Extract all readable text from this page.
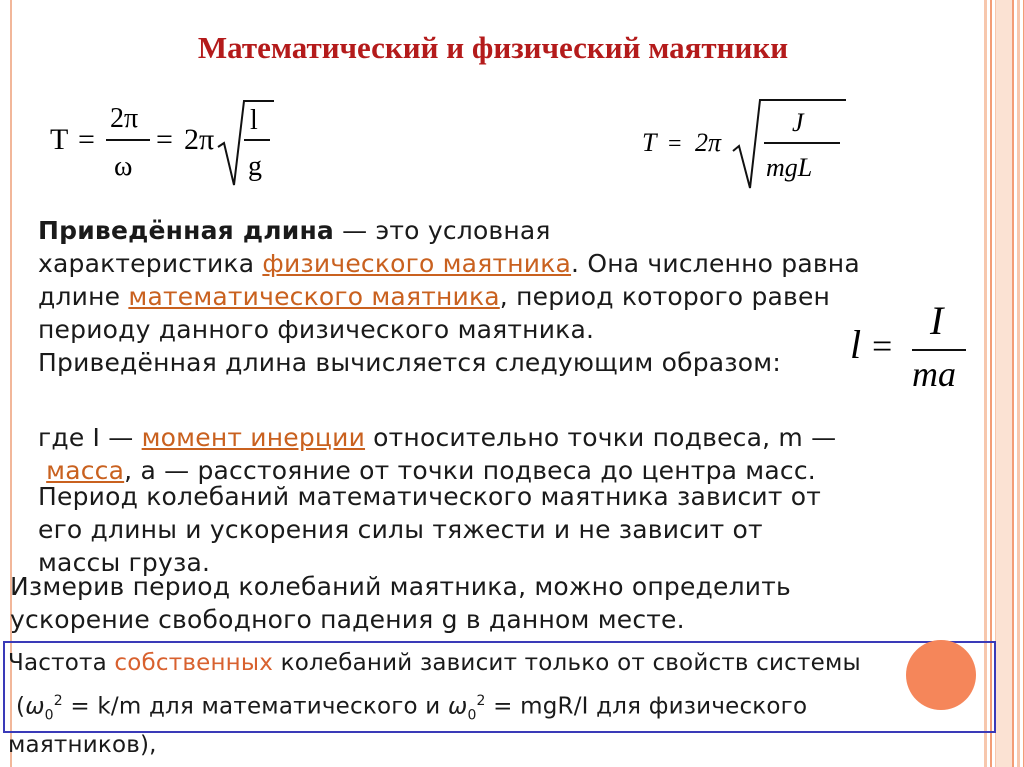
Математический и физический маятники
T =
2π
ω
= 2π
l
g
T = 2π
J
mgL
l =
I
ma
Приведённая длина — это условная
характеристика физического маятника. Она численно равна
длине математического маятника, период которого равен
периоду данного физического маятника.
Приведённая длина вычисляется следующим образом:
где I — момент инерции относительно точки подвеса, m —
масса, a — расстояние от точки подвеса до центра масс.
Период колебаний математического маятника зависит от
его длины и ускорения силы тяжести и не зависит от
массы груза.
Измерив период колебаний маятника, можно определить
ускорение свободного падения g в данном месте.
Частота собственных колебаний зависит только от свойств системы
($\omega_0^2 = k/m$ для математического и $\omega_0^2 = mgR/I$ для физического
маятников),
